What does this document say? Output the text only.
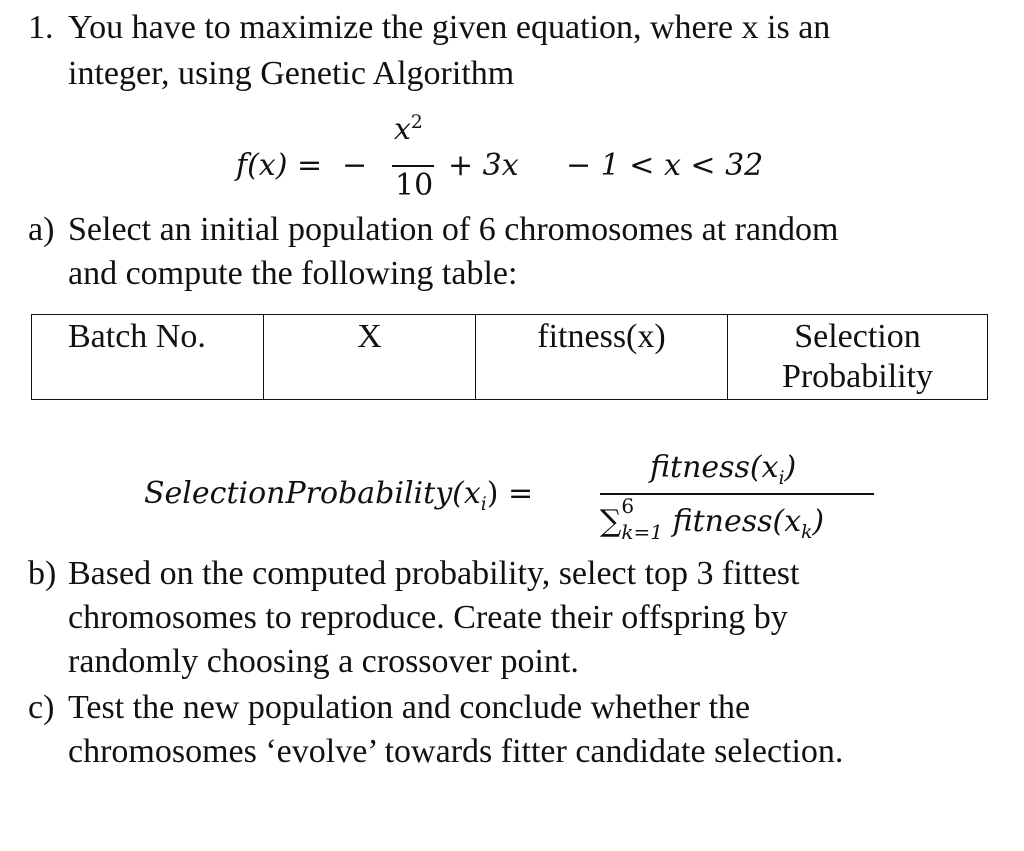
1. You have to maximize the given equation, where x is an

integer, using Genetic Algorithm

f(x) = −
$x^2$
10
+ 3x − 1 < x < 32

a) Select an initial population of 6 chromosomes at random

and compute the following table:

Batch No.	X	fitness(x)	Selection
Probability
$SelectionProbability(x_i)$ =
$fitness(x_i)$
∑ 6
k=1 $fitness(x_k)$

b) Based on the computed probability, select top 3 fittest

chromosomes to reproduce. Create their offspring by

randomly choosing a crossover point.

c) Test the new population and conclude whether the

chromosomes ‘evolve’ towards fitter candidate selection.
